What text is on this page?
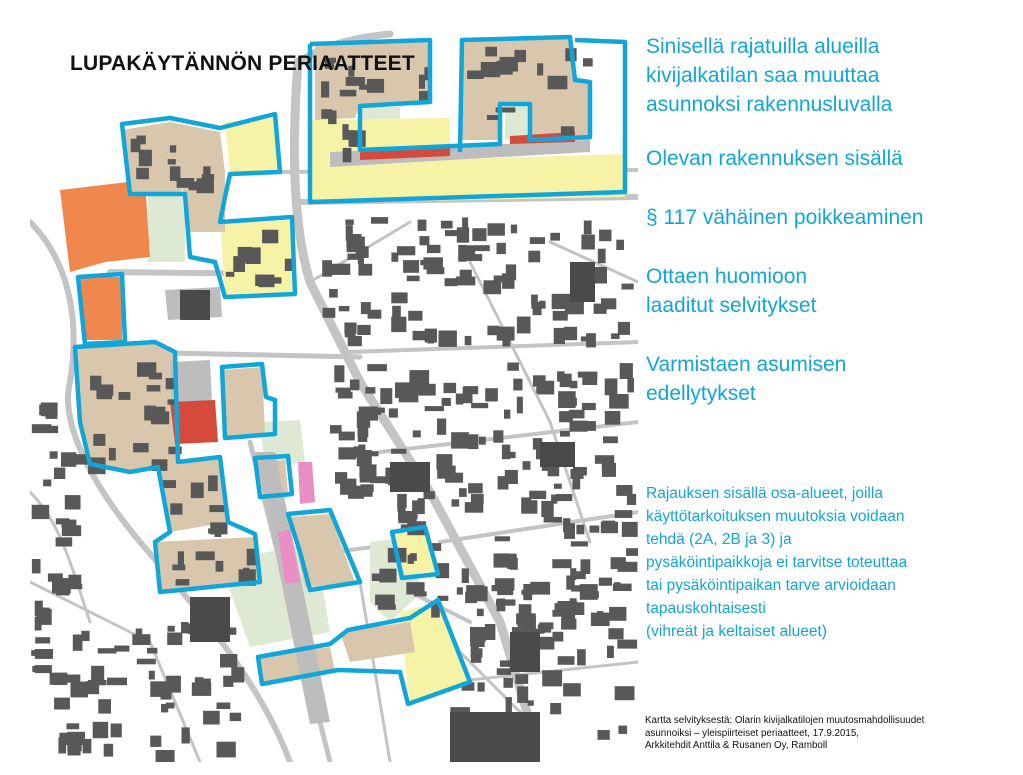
LUPAKÄYTÄNNÖN PERIAATTEET
Sinisellä rajatuilla alueilla
kivijalkatilan saa muuttaa
asunnoksi rakennusluvalla
Olevan rakennuksen sisällä
§ 117 vähäinen poikkeaminen
Ottaen huomioon
laaditut selvitykset
Varmistaen asumisen
edellytykset
Rajauksen sisällä osa-alueet, joilla
käyttötarkoituksen muutoksia voidaan
tehdä (2A, 2B ja 3) ja
pysäköintipaikkoja ei tarvitse toteuttaa
tai pysäköintipaikan tarve arvioidaan
tapauskohtaisesti
(vihreät ja keltaiset alueet)
Kartta selvityksestä: Olarin kivijalkatilojen muutosmahdollisuudet
asunnoiksi – yleispiirteiset periaatteet, 17.9.2015,
Arkkitehdit Anttila & Rusanen Oy, Ramboll
